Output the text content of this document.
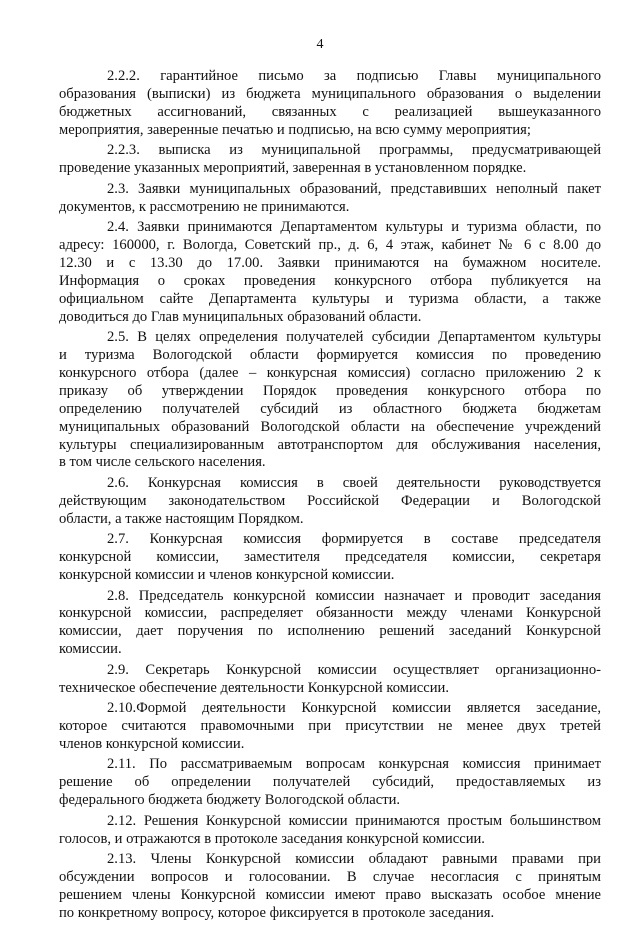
4
2.2.2. гарантийное письмо за подписью Главы муниципального
образования (выписки) из бюджета муниципального образования о выделении
бюджетных ассигнований, связанных с реализацией вышеуказанного
мероприятия, заверенные печатью и подписью, на всю сумму мероприятия;
2.2.3. выписка из муниципальной программы, предусматривающей
проведение указанных мероприятий, заверенная в установленном порядке.
2.3. Заявки муниципальных образований, представивших неполный пакет
документов, к рассмотрению не принимаются.
2.4. Заявки принимаются Департаментом культуры и туризма области, по
адресу: 160000, г. Вологда, Советский пр., д. 6, 4 этаж, кабинет № 6 с 8.00 до
12.30 и с 13.30 до 17.00. Заявки принимаются на бумажном носителе.
Информация о сроках проведения конкурсного отбора публикуется на
официальном сайте Департамента культуры и туризма области, а также
доводиться до Глав муниципальных образований области.
2.5. В целях определения получателей субсидии Департаментом культуры
и туризма Вологодской области формируется комиссия по проведению
конкурсного отбора (далее – конкурсная комиссия) согласно приложению 2 к
приказу об утверждении Порядок проведения конкурсного отбора по
определению получателей субсидий из областного бюджета бюджетам
муниципальных образований Вологодской области на обеспечение учреждений
культуры специализированным автотранспортом для обслуживания населения,
в том числе сельского населения.
2.6. Конкурсная комиссия в своей деятельности руководствуется
действующим законодательством Российской Федерации и Вологодской
области, а также настоящим Порядком.
2.7. Конкурсная комиссия формируется в составе председателя
конкурсной комиссии, заместителя председателя комиссии, секретаря
конкурсной комиссии и членов конкурсной комиссии.
2.8. Председатель конкурсной комиссии назначает и проводит заседания
конкурсной комиссии, распределяет обязанности между членами Конкурсной
комиссии, дает поручения по исполнению решений заседаний Конкурсной
комиссии.
2.9. Секретарь Конкурсной комиссии осуществляет организационно-
техническое обеспечение деятельности Конкурсной комиссии.
2.10.Формой деятельности Конкурсной комиссии является заседание,
которое считаются правомочными при присутствии не менее двух третей
членов конкурсной комиссии.
2.11. По рассматриваемым вопросам конкурсная комиссия принимает
решение об определении получателей субсидий, предоставляемых из
федерального бюджета бюджету Вологодской области.
2.12. Решения Конкурсной комиссии принимаются простым большинством
голосов, и отражаются в протоколе заседания конкурсной комиссии.
2.13. Члены Конкурсной комиссии обладают равными правами при
обсуждении вопросов и голосовании. В случае несогласия с принятым
решением члены Конкурсной комиссии имеют право высказать особое мнение
по конкретному вопросу, которое фиксируется в протоколе заседания.
